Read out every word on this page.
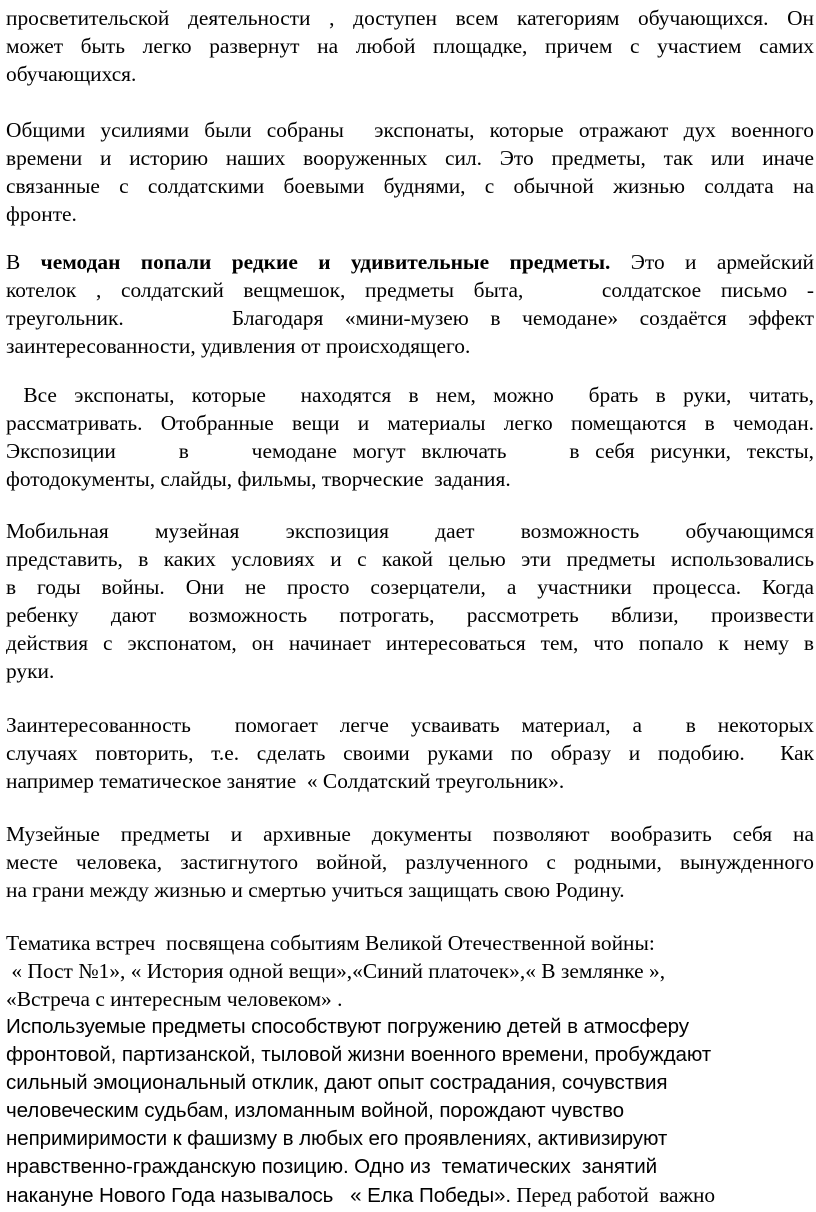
просветительской деятельности , доступен всем категориям обучающихся. Он
может быть легко развернут на любой площадке, причем с участием самих
обучающихся.
Общими усилиями были собраны  экспонаты, которые отражают дух военного
времени и историю наших вооруженных сил. Это предметы, так или иначе
связанные с солдатскими боевыми буднями, с обычной жизнью солдата на
фронте.
В чемодан попали редкие и удивительные предметы. Это и армейский
котелок , солдатский вещмешок, предметы быта,    солдатское письмо -
треугольник.     Благодаря «мини-музею в чемодане» создаётся эффект
заинтересованности, удивления от происходящего.
Все экспонаты, которые  находятся в нем, можно  брать в руки, читать,
рассматривать. Отобранные вещи и материалы легко помещаются в чемодан.
Экспозиции    в    чемодане могут включать    в себя рисунки, тексты,
фотодокументы, слайды, фильмы, творческие  задания.
Мобильная     музейная     экспозиция     дает     возможность     обучающимся
представить, в каких условиях и с какой целью эти предметы использовались
в годы войны. Они не просто созерцатели, а участники процесса. Когда
ребенку дают возможность потрогать, рассмотреть вблизи, произвести
действия с экспонатом, он начинает интересоваться тем, что попало к нему в
руки.
Заинтересованность  помогает легче усваивать материал, а  в некоторых
случаях повторить, т.е. сделать своими руками по образу и подобию.  Как
например тематическое занятие  « Солдатский треугольник».
Музейные предметы и архивные документы позволяют вообразить себя на
месте человека, застигнутого войной, разлученного с родными, вынужденного
на грани между жизнью и смертью учиться защищать свою Родину.
Тематика встреч  посвящена событиям Великой Отечественной войны:
« Пост №1», « История одной вещи»,«Синий платочек»,« В землянке »,
«Встреча с интересным человеком» .
Используемые предметы способствуют погружению детей в атмосферу
фронтовой, партизанской, тыловой жизни военного времени, пробуждают
сильный эмоциональный отклик, дают опыт сострадания, сочувствия
человеческим судьбам, изломанным войной, порождают чувство
непримиримости к фашизму в любых его проявлениях, активизируют
нравственно-гражданскую позицию. Одно из  тематических  занятий
накануне Нового Года называлось   « Елка Победы». Перед работой  важно
